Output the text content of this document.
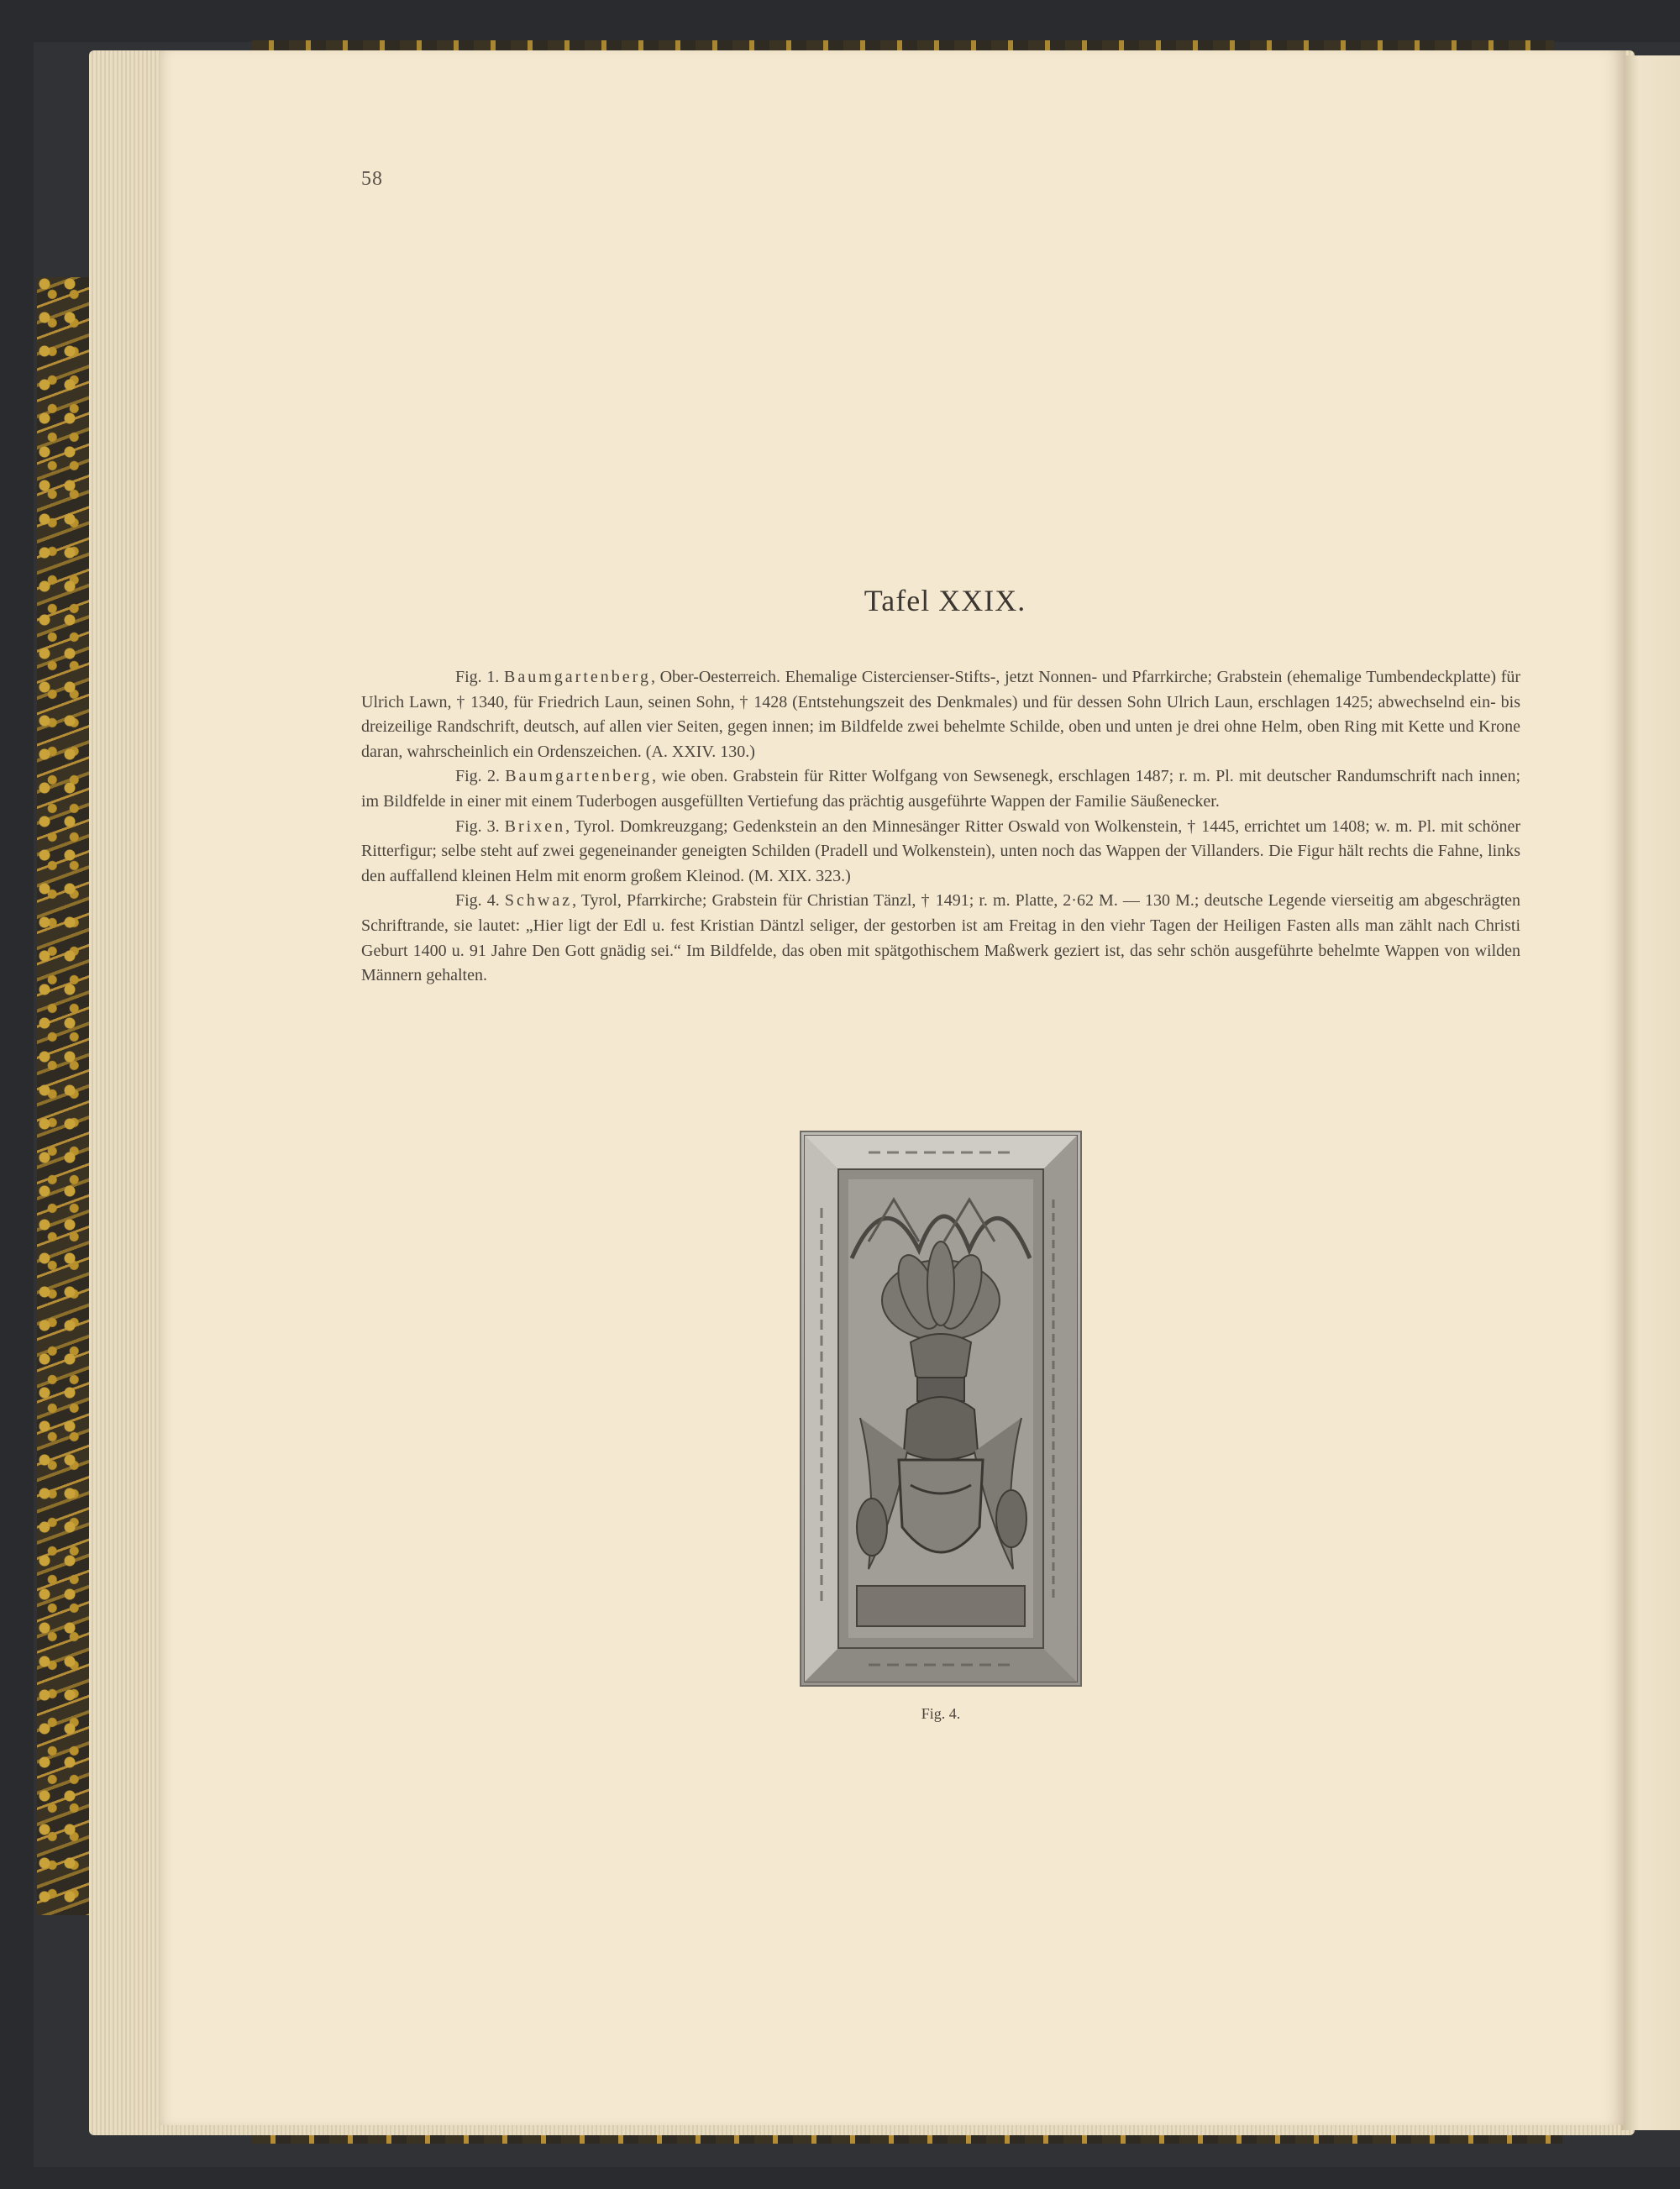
58
Tafel XXIX.

Fig. 1. Baumgartenberg, Ober-Oesterreich. Ehemalige Cistercienser-Stifts-, jetzt Nonnen- und Pfarrkirche; Grabstein (ehemalige Tumbendeckplatte) für Ulrich Lawn, † 1340, für Friedrich Laun, seinen Sohn, † 1428 (Entstehungszeit des Denkmales) und für dessen Sohn Ulrich Laun, erschlagen 1425; abwechselnd ein- bis dreizeilige Randschrift, deutsch, auf allen vier Seiten, gegen innen; im Bildfelde zwei behelmte Schilde, oben und unten je drei ohne Helm, oben Ring mit Kette und Krone daran, wahrscheinlich ein Ordenszeichen. (A. XXIV. 130.)

Fig. 2. Baumgartenberg, wie oben. Grabstein für Ritter Wolfgang von Sewsenegk, erschlagen 1487; r. m. Pl. mit deutscher Randumschrift nach innen; im Bildfelde in einer mit einem Tuderbogen ausgefüllten Vertiefung das prächtig ausgeführte Wappen der Familie Säußenecker.

Fig. 3. Brixen, Tyrol. Domkreuzgang; Gedenkstein an den Minnesänger Ritter Oswald von Wolkenstein, † 1445, errichtet um 1408; w. m. Pl. mit schöner Ritterfigur; selbe steht auf zwei gegeneinander geneigten Schilden (Pradell und Wolkenstein), unten noch das Wappen der Villanders. Die Figur hält rechts die Fahne, links den auffallend kleinen Helm mit enorm großem Kleinod. (M. XIX. 323.)

Fig. 4. Schwaz, Tyrol, Pfarrkirche; Grabstein für Christian Tänzl, † 1491; r. m. Platte, 2·62 M. — 130 M.; deutsche Legende vierseitig am abgeschrägten Schriftrande, sie lautet: „Hier ligt der Edl u. fest Kristian Däntzl seliger, der gestorben ist am Freitag in den viehr Tagen der Heiligen Fasten alls man zählt nach Christi Geburt 1400 u. 91 Jahre Den Gott gnädig sei.“ Im Bildfelde, das oben mit spätgothischem Maßwerk geziert ist, das sehr schön ausgeführte behelmte Wappen von wilden Männern gehalten.

Fig. 4.
